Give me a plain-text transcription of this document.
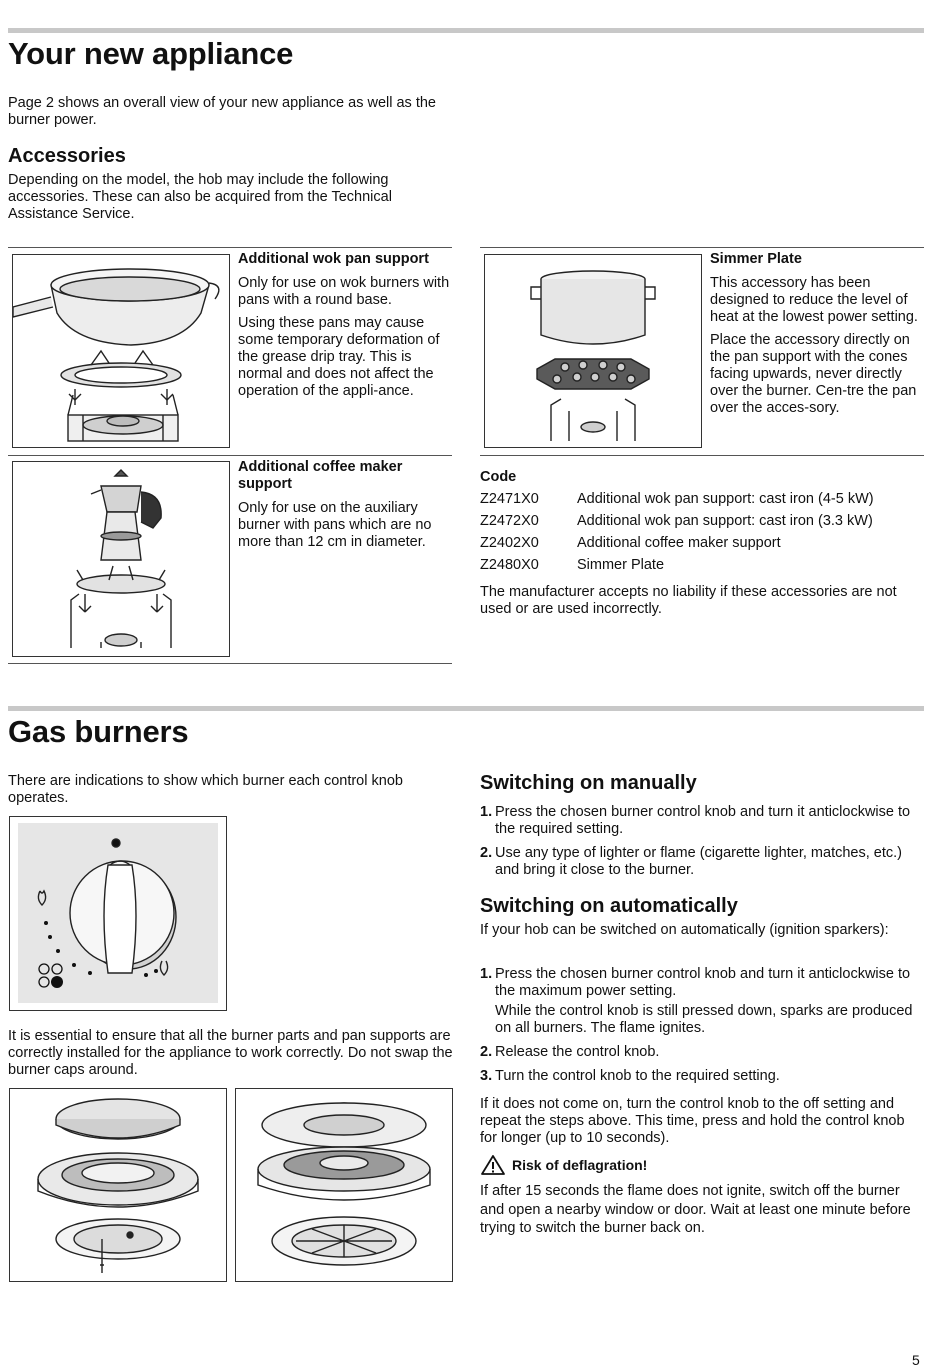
Your new appliance
Page 2 shows an overall view of your new appliance as well as the burner power.
Accessories
Depending on the model, the hob may include the following accessories. These can also be acquired from the Technical Assistance Service.
Additional wok pan support

Only for use on wok burners with pans with a round base.

Using these pans may cause some temporary deformation of the grease drip tray. This is normal and does not affect the operation of the appli-ance.

Additional coffee maker support
Only for use on the auxiliary burner with pans which are no more than 12 cm in diameter.
Simmer Plate

This accessory has been designed to reduce the level of heat at the lowest power setting.

Place the accessory directly on the pan support with the cones facing upwards, never directly over the burner. Cen-tre the pan over the acces-sory.

Code
Z2471X0	Additional wok pan support: cast iron (4-5 kW)
Z2472X0	Additional wok pan support: cast iron (3.3 kW)
Z2402X0	Additional coffee maker support
Z2480X0	Simmer Plate
The manufacturer accepts no liability if these accessories are not used or are used incorrectly.
Gas burners
There are indications to show which burner each control knob operates.
It is essential to ensure that all the burner parts and pan supports are correctly installed for the appliance to work correctly. Do not swap the burner caps around.
Switching on manually
1. Press the chosen burner control knob and turn it anticlockwise to the required setting.
2. Use any type of lighter or flame (cigarette lighter, matches, etc.) and bring it close to the burner.
Switching on automatically
If your hob can be switched on automatically (ignition sparkers):
1. Press the chosen burner control knob and turn it anticlockwise to the maximum power setting.

While the control knob is still pressed down, sparks are produced on all burners. The flame ignites.

2. Release the control knob.
3. Turn the control knob to the required setting.
If it does not come on, turn the control knob to the off setting and repeat the steps above. This time, press and hold the control knob for longer (up to 10 seconds).
Risk of deflagration!
If after 15 seconds the flame does not ignite, switch off the burner and open a nearby window or door. Wait at least one minute before trying to switch the burner back on.
5
